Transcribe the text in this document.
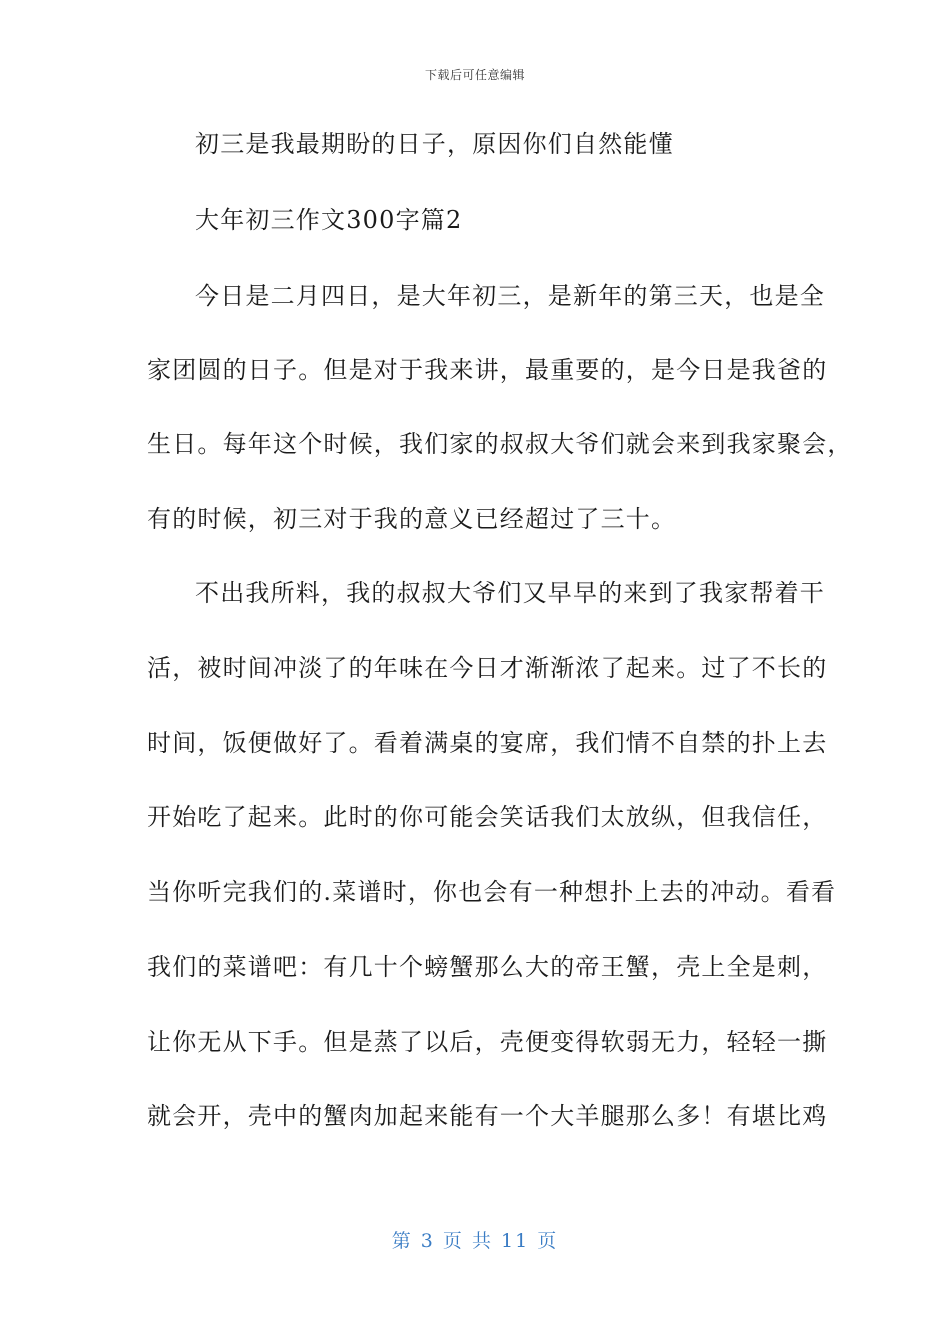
下载后可任意编辑
初三是我最期盼的日子，原因你们自然能懂
大年初三作文300字篇2
今日是二月四日，是大年初三，是新年的第三天，也是全
家团圆的日子。但是对于我来讲，最重要的，是今日是我爸的
生日。每年这个时候，我们家的叔叔大爷们就会来到我家聚会，
有的时候，初三对于我的意义已经超过了三十。
不出我所料，我的叔叔大爷们又早早的来到了我家帮着干
活，被时间冲淡了的年味在今日才渐渐浓了起来。过了不长的
时间，饭便做好了。看着满桌的宴席，我们情不自禁的扑上去
开始吃了起来。此时的你可能会笑话我们太放纵，但我信任，
当你听完我们的.菜谱时，你也会有一种想扑上去的冲动。看看
我们的菜谱吧：有几十个螃蟹那么大的帝王蟹，壳上全是刺，
让你无从下手。但是蒸了以后，壳便变得软弱无力，轻轻一撕
就会开，壳中的蟹肉加起来能有一个大羊腿那么多！有堪比鸡
第 3 页 共 11 页
